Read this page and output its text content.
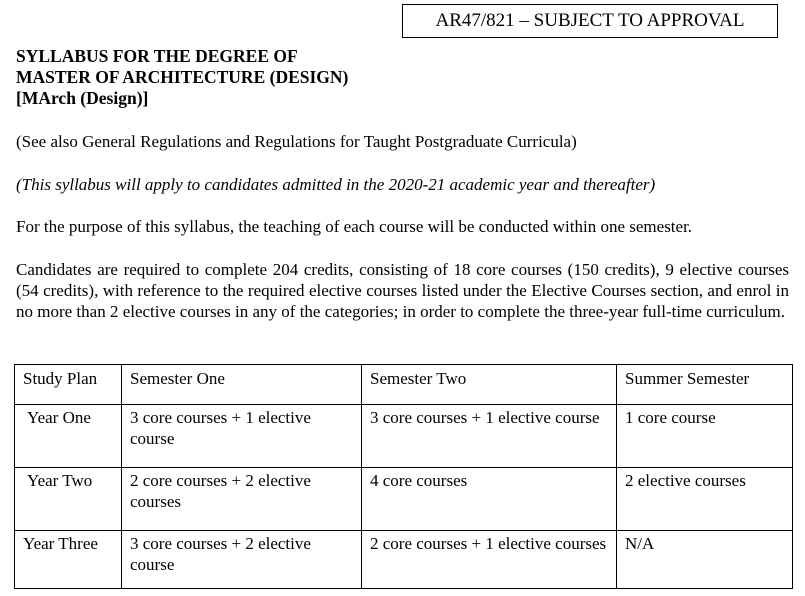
AR47/821 – SUBJECT TO APPROVAL
SYLLABUS FOR THE DEGREE OF
MASTER OF ARCHITECTURE (DESIGN)
[MArch (Design)]

(See also General Regulations and Regulations for Taught Postgraduate Curricula)

(This syllabus will apply to candidates admitted in the 2020-21 academic year and thereafter)

For the purpose of this syllabus, the teaching of each course will be conducted within one semester.

Candidates are required to complete 204 credits, consisting of 18 core courses (150 credits), 9 elective courses (54 credits), with reference to the required elective courses listed under the Elective Courses section, and enrol in no more than 2 elective courses in any of the categories; in order to complete the three-year full-time curriculum.

Study Plan	Semester One	Semester Two	Summer Semester
Year One	3 core courses + 1 elective course	3 core courses + 1 elective course	1 core course
Year Two	2 core courses + 2 elective courses	4 core courses	2 elective courses
Year Three	3 core courses + 2 elective course	2 core courses + 1 elective courses	N/A
